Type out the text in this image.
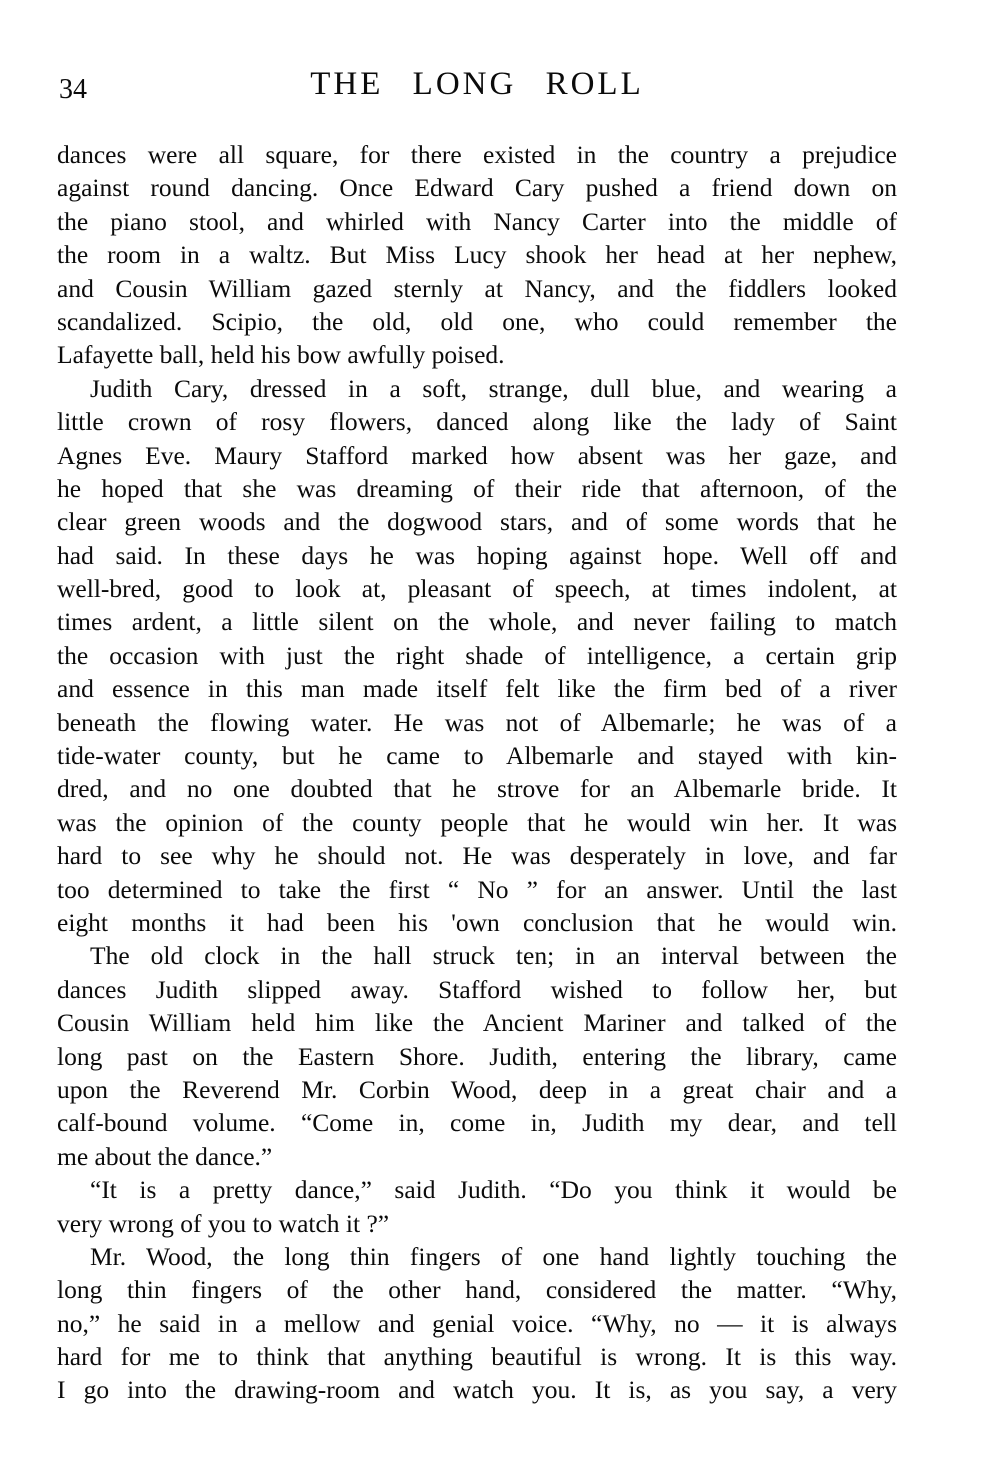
34	THE LONG ROLL
dances were all square, for there existed in the country a prejudice
against round dancing. Once Edward Cary pushed a friend down on
the piano stool, and whirled with Nancy Carter into the middle of
the room in a waltz. But Miss Lucy shook her head at her nephew,
and Cousin William gazed sternly at Nancy, and the fiddlers looked
scandalized. Scipio, the old, old one, who could remember the
Lafayette ball, held his bow awfully poised.
Judith Cary, dressed in a soft, strange, dull blue, and wearing a
little crown of rosy flowers, danced along like the lady of Saint
Agnes Eve. Maury Stafford marked how absent was her gaze, and
he hoped that she was dreaming of their ride that afternoon, of the
clear green woods and the dogwood stars, and of some words that he
had said. In these days he was hoping against hope. Well off and
well-bred, good to look at, pleasant of speech, at times indolent, at
times ardent, a little silent on the whole, and never failing to match
the occasion with just the right shade of intelligence, a certain grip
and essence in this man made itself felt like the firm bed of a river
beneath the flowing water. He was not of Albemarle; he was of a
tide-water county, but he came to Albemarle and stayed with kin-
dred, and no one doubted that he strove for an Albemarle bride. It
was the opinion of the county people that he would win her. It was
hard to see why he should not. He was desperately in love, and far
too determined to take the first “ No ” for an answer. Until the last
eight months it had been his 'own conclusion that he would win.
The old clock in the hall struck ten; in an interval between the
dances Judith slipped away. Stafford wished to follow her, but
Cousin William held him like the Ancient Mariner and talked of the
long past on the Eastern Shore. Judith, entering the library, came
upon the Reverend Mr. Corbin Wood, deep in a great chair and a
calf-bound volume. “Come in, come in, Judith my dear, and tell
me about the dance.”
“It is a pretty dance,” said Judith. “Do you think it would be
very wrong of you to watch it ?”
Mr. Wood, the long thin fingers of one hand lightly touching the
long thin fingers of the other hand, considered the matter. “Why,
no,” he said in a mellow and genial voice. “Why, no — it is always
hard for me to think that anything beautiful is wrong. It is this way.
I go into the drawing-room and watch you. It is, as you say, a very
